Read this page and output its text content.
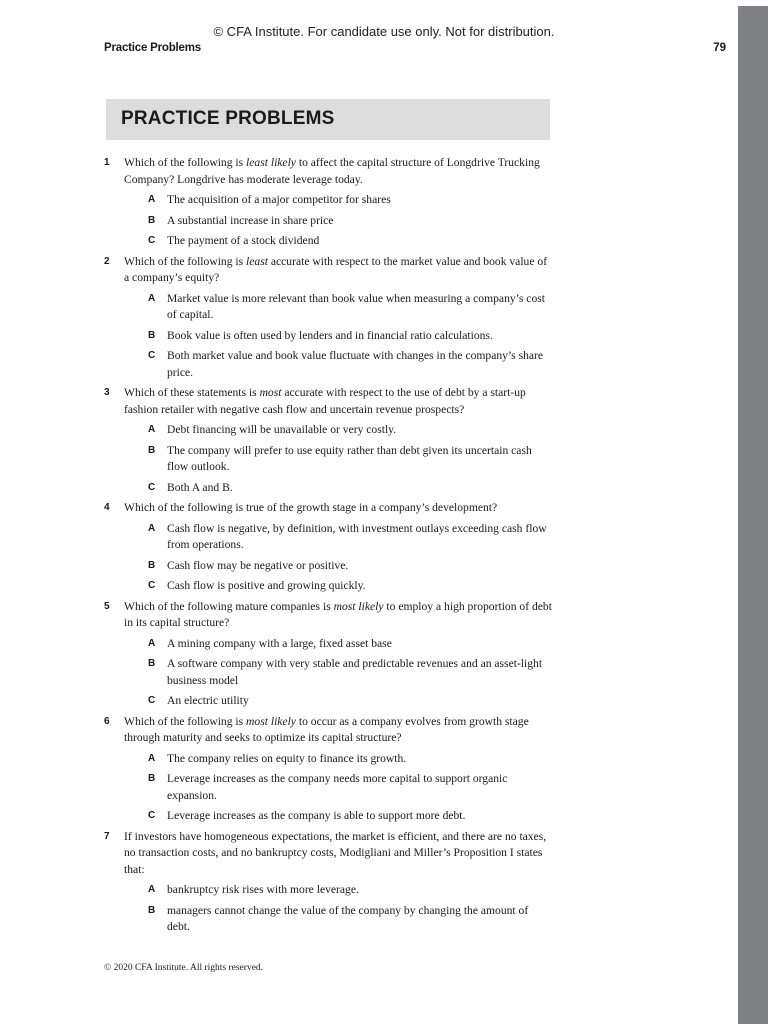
© CFA Institute. For candidate use only. Not for distribution.
Practice Problems	79
PRACTICE PROBLEMS
1 Which of the following is least likely to affect the capital structure of Longdrive Trucking Company? Longdrive has moderate leverage today.
A The acquisition of a major competitor for shares
B A substantial increase in share price
C The payment of a stock dividend
2 Which of the following is least accurate with respect to the market value and book value of a company’s equity?
A Market value is more relevant than book value when measuring a company’s cost of capital.
B Book value is often used by lenders and in financial ratio calculations.
C Both market value and book value fluctuate with changes in the company’s share price.
3 Which of these statements is most accurate with respect to the use of debt by a start-up fashion retailer with negative cash flow and uncertain revenue prospects?
A Debt financing will be unavailable or very costly.
B The company will prefer to use equity rather than debt given its uncertain cash flow outlook.
C Both A and B.
4 Which of the following is true of the growth stage in a company’s development?
A Cash flow is negative, by definition, with investment outlays exceeding cash flow from operations.
B Cash flow may be negative or positive.
C Cash flow is positive and growing quickly.
5 Which of the following mature companies is most likely to employ a high proportion of debt in its capital structure?
A A mining company with a large, fixed asset base
B A software company with very stable and predictable revenues and an asset-light business model
C An electric utility
6 Which of the following is most likely to occur as a company evolves from growth stage through maturity and seeks to optimize its capital structure?
A The company relies on equity to finance its growth.
B Leverage increases as the company needs more capital to support organic expansion.
C Leverage increases as the company is able to support more debt.
7 If investors have homogeneous expectations, the market is efficient, and there are no taxes, no transaction costs, and no bankruptcy costs, Modigliani and Miller’s Proposition I states that:
A bankruptcy risk rises with more leverage.
B managers cannot change the value of the company by changing the amount of debt.
© 2020 CFA Institute. All rights reserved.
